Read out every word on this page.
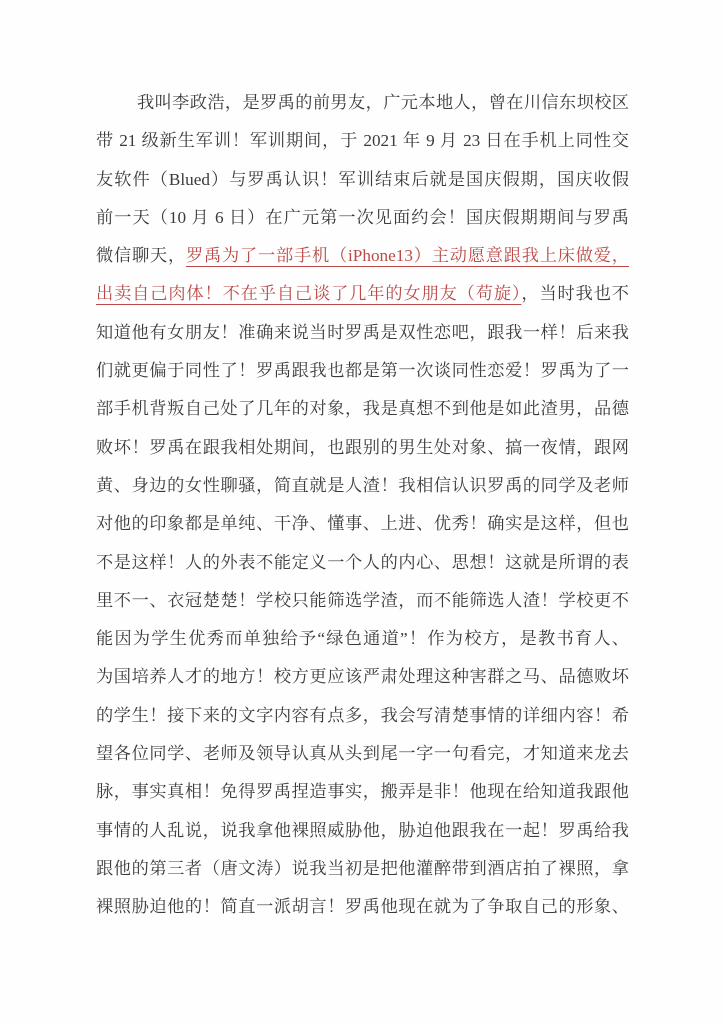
我叫李政浩，是罗禹的前男友，广元本地人，曾在川信东坝校区
带 21 级新生军训！军训期间，于 2021 年 9 月 23 日在手机上同性交
友软件（Blued）与罗禹认识！军训结束后就是国庆假期，国庆收假
前一天（10 月 6 日）在广元第一次见面约会！国庆假期期间与罗禹
微信聊天，罗禹为了一部手机（iPhone13）主动愿意跟我上床做爱，
出卖自己肉体！不在乎自己谈了几年的女朋友（苟旋），当时我也不
知道他有女朋友！准确来说当时罗禹是双性恋吧，跟我一样！后来我
们就更偏于同性了！罗禹跟我也都是第一次谈同性恋爱！罗禹为了一
部手机背叛自己处了几年的对象，我是真想不到他是如此渣男，品德
败坏！罗禹在跟我相处期间，也跟别的男生处对象、搞一夜情，跟网
黄、身边的女性聊骚，简直就是人渣！我相信认识罗禹的同学及老师
对他的印象都是单纯、干净、懂事、上进、优秀！确实是这样，但也
不是这样！人的外表不能定义一个人的内心、思想！这就是所谓的表
里不一、衣冠楚楚！学校只能筛选学渣，而不能筛选人渣！学校更不
能因为学生优秀而单独给予“绿色通道”！作为校方，是教书育人、
为国培养人才的地方！校方更应该严肃处理这种害群之马、品德败坏
的学生！接下来的文字内容有点多，我会写清楚事情的详细内容！希
望各位同学、老师及领导认真从头到尾一字一句看完，才知道来龙去
脉，事实真相！免得罗禹捏造事实，搬弄是非！他现在给知道我跟他
事情的人乱说，说我拿他裸照威胁他，胁迫他跟我在一起！罗禹给我
跟他的第三者（唐文涛）说我当初是把他灌醉带到酒店拍了裸照，拿
裸照胁迫他的！简直一派胡言！罗禹他现在就为了争取自己的形象、
